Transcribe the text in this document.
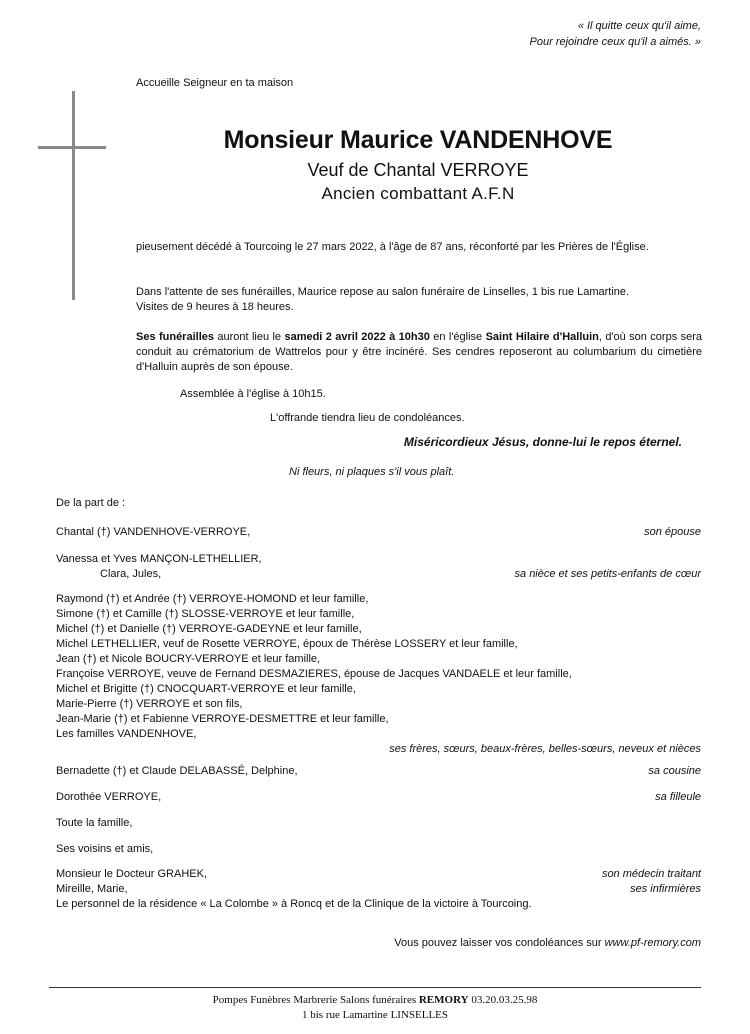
« Il quitte ceux qu'il aime,
Pour rejoindre ceux qu'il a aimés. »
Accueille Seigneur en ta maison
Monsieur Maurice VANDENHOVE
Veuf de Chantal VERROYE
Ancien combattant A.F.N
pieusement décédé à Tourcoing le 27 mars 2022, à l'âge de 87 ans, réconforté par les Prières de l'Église.
Dans l'attente de ses funérailles, Maurice repose au salon funéraire de Linselles, 1 bis rue Lamartine.
Visites de 9 heures à 18 heures.
Ses funérailles auront lieu le samedi 2 avril 2022 à 10h30 en l'église Saint Hilaire d'Halluin, d'où son corps sera conduit au crématorium de Wattrelos pour y être incinéré. Ses cendres reposeront au columbarium du cimetière d'Halluin auprès de son épouse.
Assemblée à l'église à 10h15.
L'offrande tiendra lieu de condoléances.
Miséricordieux Jésus, donne-lui le repos éternel.
Ni fleurs, ni plaques s'il vous plaît.
De la part de :
Chantal (†) VANDENHOVE-VERROYE,	son épouse
Vanessa et Yves MANÇON-LETHELLIER,
Clara, Jules,	sa nièce et ses petits-enfants de cœur
Raymond (†) et Andrée (†) VERROYE-HOMOND et leur famille,
Simone (†) et Camille (†) SLOSSE-VERROYE et leur famille,
Michel (†) et Danielle (†) VERROYE-GADEYNE et leur famille,
Michel LETHELLIER, veuf de Rosette VERROYE, époux de Thérèse LOSSERY et leur famille,
Jean (†) et Nicole BOUCRY-VERROYE et leur famille,
Françoise VERROYE, veuve de Fernand DESMAZIERES, épouse de Jacques VANDAELE et leur famille,
Michel et Brigitte (†) CNOCQUART-VERROYE et leur famille,
Marie-Pierre (†) VERROYE et son fils,
Jean-Marie (†) et Fabienne VERROYE-DESMETTRE et leur famille,
Les familles VANDENHOVE,
ses frères, sœurs, beaux-frères, belles-sœurs, neveux et nièces
Bernadette (†) et Claude DELABASSÉ, Delphine,	sa cousine
Dorothée VERROYE,	sa filleule
Toute la famille,
Ses voisins et amis,
Monsieur le Docteur GRAHEK,	son médecin traitant
Mireille, Marie,	ses infirmières
Le personnel de la résidence « La Colombe » à Roncq et de la Clinique de la victoire à Tourcoing.
Vous pouvez laisser vos condoléances sur www.pf-remory.com
Pompes Funèbres Marbrerie Salons funéraires REMORY 03.20.03.25.98
1 bis rue Lamartine LINSELLES
